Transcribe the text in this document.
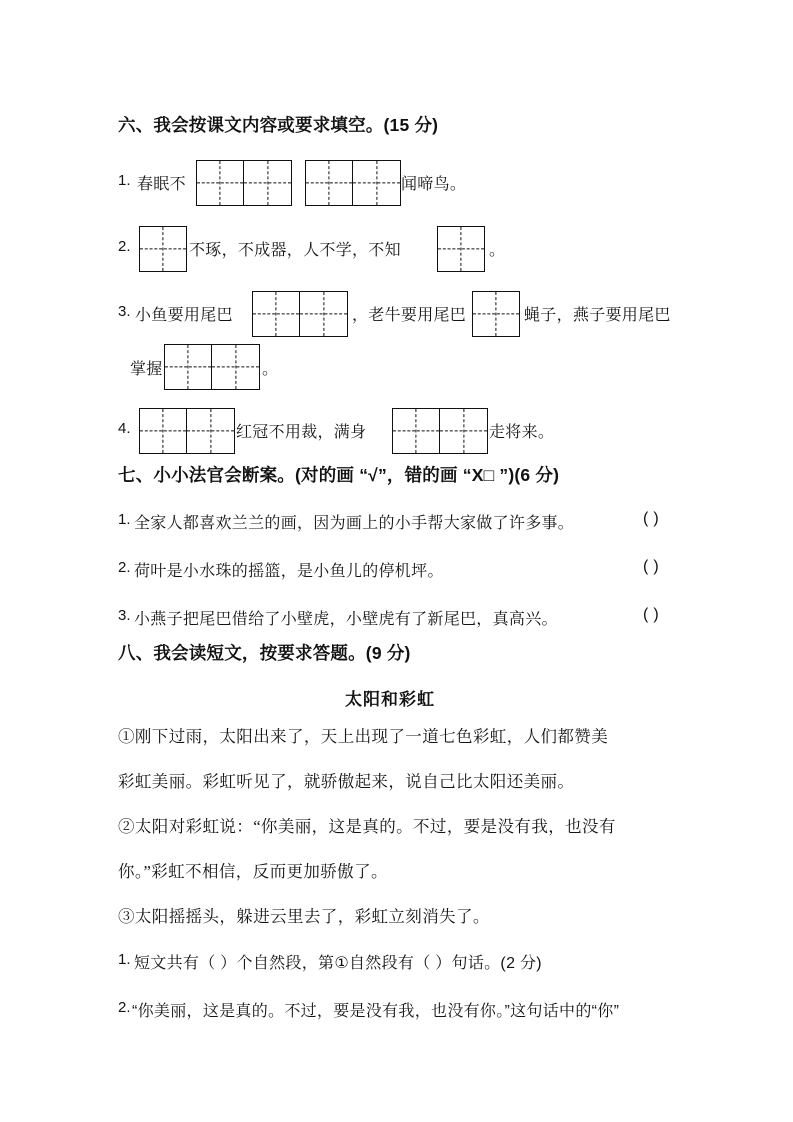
六、我会按课文内容或要求填空。(15 分)
1. 春眠不	闻啼鸟。
2.	不琢，不成器，人不学，不知	。
3. 小鱼要用尾巴	，老牛要用尾巴	蝇子，燕子要用尾巴
掌握	。
4.	红冠不用裁，满身	走将来。
七、小小法官会断案。(对的画 “√”，错的画 “X□ ”)(6 分)
1. 全家人都喜欢兰兰的画，因为画上的小手帮大家做了许多事。	( )
2. 荷叶是小水珠的摇篮，是小鱼儿的停机坪。	( )
3. 小燕子把尾巴借给了小壁虎，小壁虎有了新尾巴，真高兴。	( )
八、我会读短文，按要求答题。(9 分)
太阳和彩虹
①刚下过雨，太阳出来了，天上出现了一道七色彩虹，人们都赞美
彩虹美丽。彩虹听见了，就骄傲起来，说自己比太阳还美丽。
②太阳对彩虹说：“你美丽，这是真的。不过，要是没有我，也没有
你。”彩虹不相信，反而更加骄傲了。
③太阳摇摇头，躲进云里去了，彩虹立刻消失了。
1. 短文共有（ ）个自然段，第①自然段有（ ）句话。(2 分)
2. “你美丽，这是真的。不过，要是没有我，也没有你。”这句话中的“你”
